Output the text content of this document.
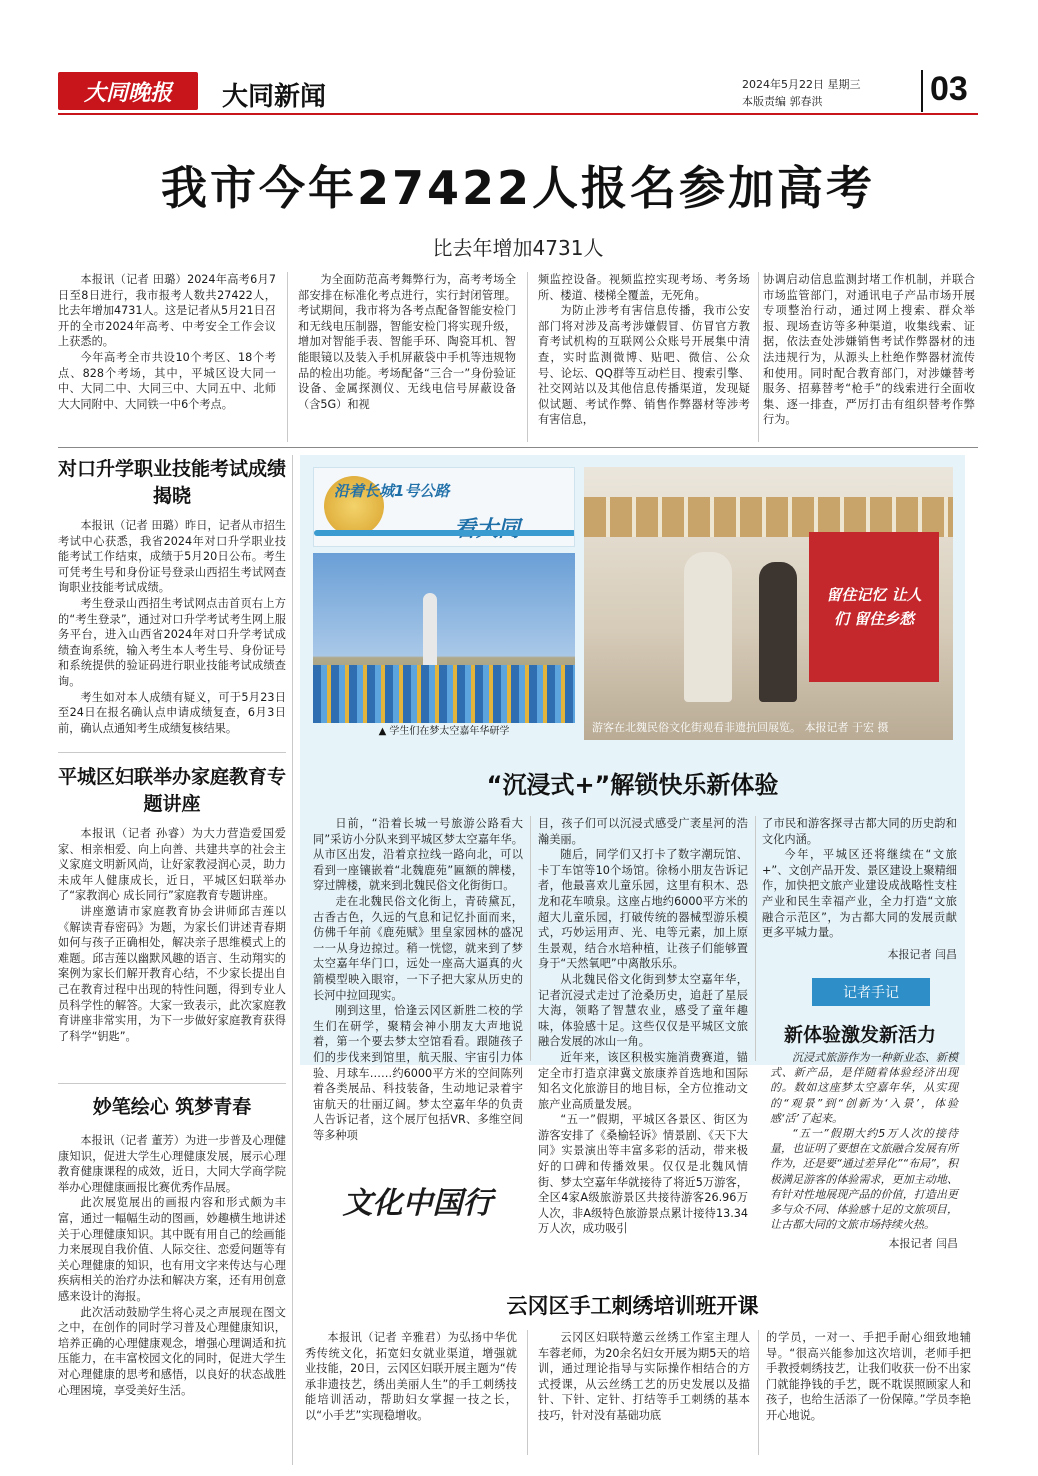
大同晚报	大同新闻	2024年5月22日 星期三
本版责编 郭春洪	03
我市今年27422人报名参加高考
比去年增加4731人

本报讯（记者 田璐）2024年高考6月7日至8日进行，我市报考人数共27422人，比去年增加4731人。这是记者从5月21日召开的全市2024年高考、中考安全工作会议上获悉的。

今年高考全市共设10个考区、18个考点、828个考场，其中，平城区设大同一中、大同二中、大同三中、大同五中、北师大大同附中、大同铁一中6个考点。

为全面防范高考舞弊行为，高考考场全部安排在标准化考点进行，实行封闭管理。考试期间，我市将为各考点配备智能安检门和无线电压制器，智能安检门将实现升级，增加对智能手表、智能手环、陶瓷耳机、智能眼镜以及装入手机屏蔽袋中手机等违规物品的检出功能。考场配备“三合一”身份验证设备、金属探测仪、无线电信号屏蔽设备（含5G）和视

频监控设备。视频监控实现考场、考务场所、楼道、楼梯全覆盖，无死角。

为防止涉考有害信息传播，我市公安部门将对涉及高考涉嫌假冒、仿冒官方教育考试机构的互联网公众账号开展集中清查，实时监测微博、贴吧、微信、公众号、论坛、QQ群等互动栏目、搜索引擎、社交网站以及其他信息传播渠道，发现疑似试题、考试作弊、销售作弊器材等涉考有害信息，

协调启动信息监测封堵工作机制，并联合市场监管部门，对通讯电子产品市场开展专项整治行动，通过网上搜索、群众举报、现场查访等多种渠道，收集线索、证据，依法查处涉嫌销售考试作弊器材的违法违规行为，从源头上杜绝作弊器材流传和使用。同时配合教育部门，对涉嫌替考服务、招募替考“枪手”的线索进行全面收集、逐一排查，严厉打击有组织替考作弊行为。

对口升学职业技能考试成绩揭晓

本报讯（记者 田璐）昨日，记者从市招生考试中心获悉，我省2024年对口升学职业技能考试工作结束，成绩于5月20日公布。考生可凭考生号和身份证号登录山西招生考试网查询职业技能考试成绩。

考生登录山西招生考试网点击首页右上方的“考生登录”，通过对口升学考试考生网上服务平台，进入山西省2024年对口升学考试成绩查询系统，输入考生本人考生号、身份证号和系统提供的验证码进行职业技能考试成绩查询。

考生如对本人成绩有疑义，可于5月23日至24日在报名确认点申请成绩复查，6月3日前，确认点通知考生成绩复核结果。

平城区妇联举办家庭教育专题讲座

本报讯（记者 孙睿）为大力营造爱国爱家、相亲相爱、向上向善、共建共享的社会主义家庭文明新风尚，让好家教浸润心灵，助力未成年人健康成长，近日，平城区妇联举办了“家教润心 成长同行”家庭教育专题讲座。

讲座邀请市家庭教育协会讲师邱吉莲以《解读青春密码》为题，为家长们讲述青春期如何与孩子正确相处，解决亲子思维模式上的难题。邱吉莲以幽默风趣的语言、生动翔实的案例为家长们解开教育心结，不少家长提出自己在教育过程中出现的特性问题，得到专业人员科学性的解答。大家一致表示，此次家庭教育讲座非常实用，为下一步做好家庭教育获得了科学“钥匙”。

妙笔绘心 筑梦青春

本报讯（记者 董芳）为进一步普及心理健康知识，促进大学生心理健康发展，展示心理教育健康课程的成效，近日，大同大学商学院举办心理健康画报比赛优秀作品展。

此次展览展出的画报内容和形式颇为丰富，通过一幅幅生动的图画，妙趣横生地讲述关于心理健康知识。其中既有用自己的绘画能力来展现自我价值、人际交往、恋爱问题等有关心理健康的知识，也有用文字来传达与心理疾病相关的治疗办法和解决方案，还有用创意感来设计的海报。

此次活动鼓励学生将心灵之声展现在图文之中，在创作的同时学习普及心理健康知识，培养正确的心理健康观念，增强心理调适和抗压能力，在丰富校园文化的同时，促进大学生对心理健康的思考和感悟，以良好的状态战胜心理困境，享受美好生活。

沿着长城1号公路
▲ 学生们在梦太空嘉年华研学
留住记忆 让人们 留住乡愁
游客在北魏民俗文化街观看非遗抗回展览。 本报记者 于宏 摄
“沉浸式+”解锁快乐新体验

日前，“沿着长城一号旅游公路看大同”采访小分队来到平城区梦太空嘉年华。从市区出发，沿着京拉线一路向北，可以看到一座镶嵌着“北魏鹿苑”匾额的牌楼，穿过牌楼，就来到北魏民俗文化街街口。

走在北魏民俗文化街上，青砖黛瓦，古香古色，久远的气息和记忆扑面而来，仿佛千年前《鹿苑赋》里皇家园林的盛况一一从身边掠过。稍一恍惚，就来到了梦太空嘉年华门口，远处一座高大逼真的火箭模型映入眼帘，一下子把大家从历史的长河中拉回现实。

刚到这里，恰逢云冈区新胜二校的学生们在研学，聚精会神小朋友大声地说着，第一个要去梦太空馆看看。跟随孩子们的步伐来到馆里，航天服、宇宙引力体验、月球车……约6000平方米的空间陈列着各类展品、科技装备，生动地记录着宇宙航天的壮丽辽阔。梦太空嘉年华的负责人告诉记者，这个展厅包括VR、多维空间等多种项

目，孩子们可以沉浸式感受广袤星河的浩瀚美丽。

随后，同学们又打卡了数字潮玩馆、卡丁车馆等10个场馆。徐杨小朋友告诉记者，他最喜欢儿童乐园，这里有积木、恐龙和花车喷泉。这座占地约6000平方米的超大儿童乐园，打破传统的器械型游乐模式，巧妙运用声、光、电等元素，加上原生景观，结合水培种植，让孩子们能够置身于“天然氧吧”中离散乐乐。

从北魏民俗文化街到梦太空嘉年华，记者沉浸式走过了沧桑历史，追赶了星辰大海，领略了智慧农业，感受了童年趣味，体验感十足。这些仅仅是平城区文旅融合发展的冰山一角。

近年来，该区积极实施消费赛道，锚定全市打造京津冀文旅康养首选地和国际知名文化旅游目的地目标，全方位推动文旅产业高质量发展。

“五一”假期，平城区各景区、街区为游客安排了《桑榆轻诉》情景剧、《天下大同》实景演出等丰富多彩的活动，带来极好的口碑和传播效果。仅仅是北魏风情街、梦太空嘉年华就接待了将近5万游客，全区4家A级旅游景区共接待游客26.96万人次，非A级特色旅游景点累计接待13.34万人次，成功吸引

了市民和游客探寻古都大同的历史韵和文化内涵。

今年，平城区还将继续在“文旅+”、文创产品开发、景区建设上聚精细作，加快把文旅产业建设成战略性支柱产业和民生幸福产业，全力打造“文旅融合示范区”，为古都大同的发展贡献更多平城力量。

本报记者 闫昌
记者手记
新体验激发新活力

沉浸式旅游作为一种新业态、新模式、新产品，是伴随着体验经济出现的。数如这座梦太空嘉年华，从实现的“观景”到“创新为‘入景’，体验感‘活’了起来。

“五一”假期大约5万人次的接待量，也证明了要想在文旅融合发展有所作为，还是要“通过差异化”“布局”，积极满足游客的体验需求，更加主动地、有针对性地展现产品的价值，打造出更多与众不同、体验感十足的文旅项目，让古都大同的文旅市场持续火热。

本报记者 闫昌
文化中国行
云冈区手工刺绣培训班开课

本报讯（记者 辛雅君）为弘扬中华优秀传统文化，拓宽妇女就业渠道，增强就业技能，20日，云冈区妇联开展主题为“传承非遗技艺，绣出美丽人生”的手工刺绣技能培训活动，帮助妇女掌握一技之长，以“小手艺”实现稳增收。

云冈区妇联特邀云丝绣工作室主理人车蓉老师，为20余名妇女开展为期5天的培训，通过理论指导与实际操作相结合的方式授课，从云丝绣工艺的历史发展以及描针、下针、定针、打结等手工刺绣的基本技巧，针对没有基础功底

的学员，一对一、手把手耐心细致地辅导。“很高兴能参加这次培训，老师手把手教授刺绣技艺，让我们收获一份不出家门就能挣钱的手艺，既不耽误照顾家人和孩子，也给生活添了一份保障。”学员李艳开心地说。
